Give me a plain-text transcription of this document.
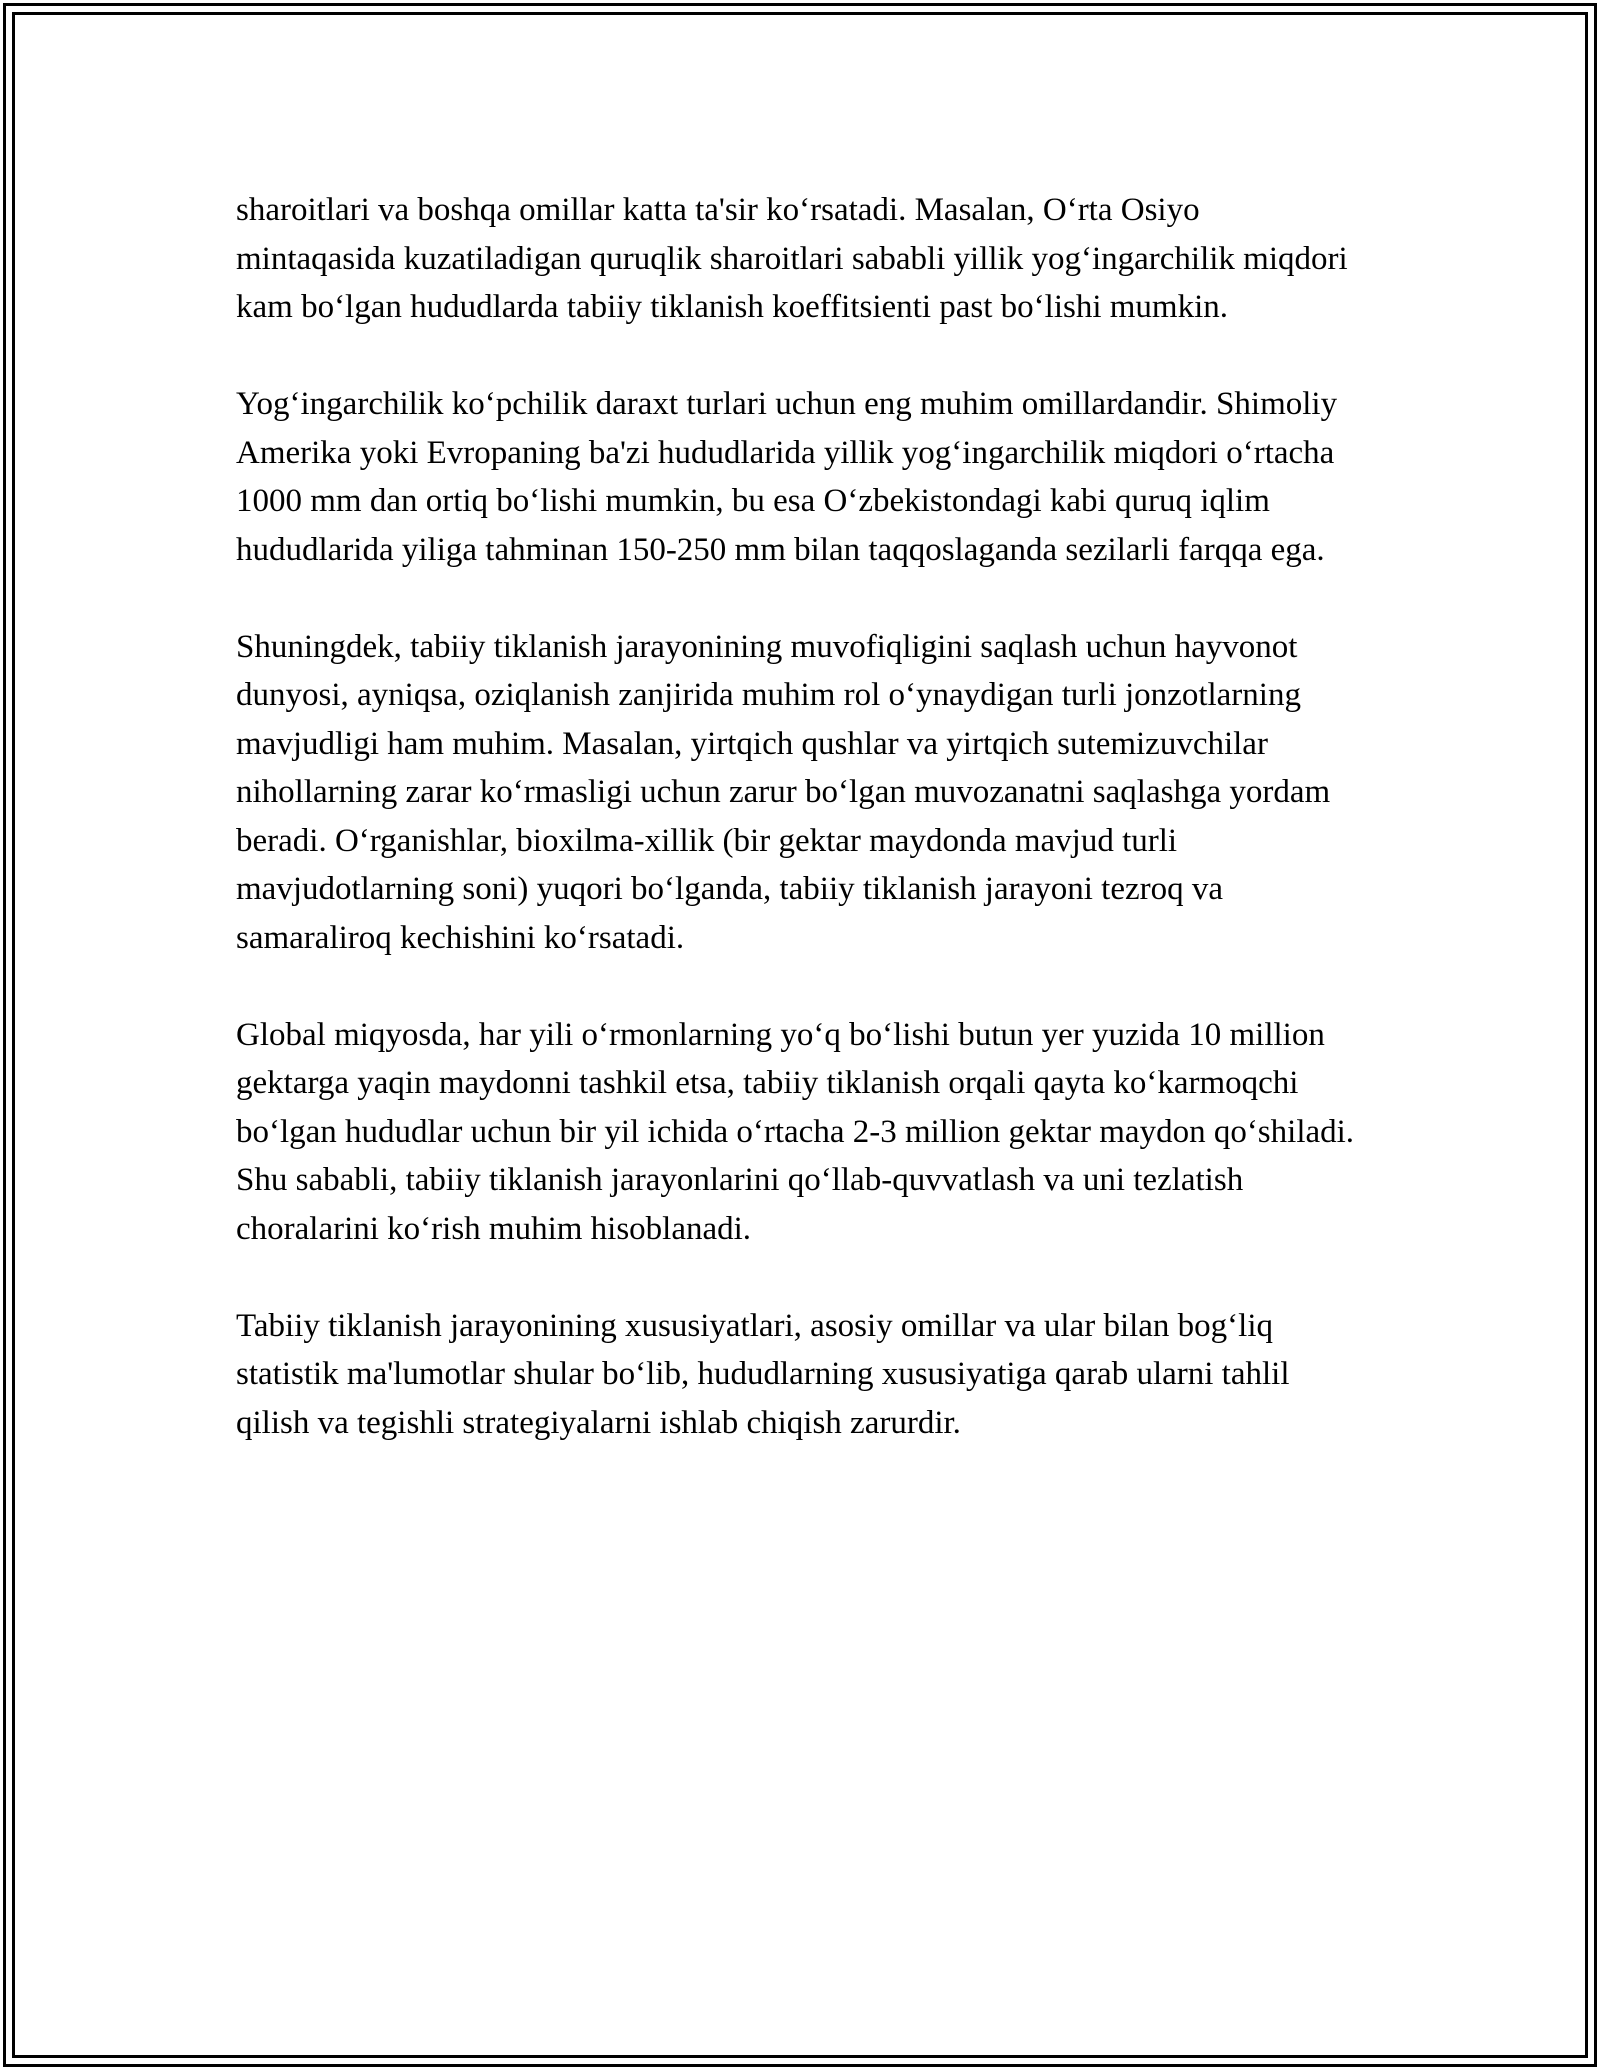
sharoitlari va boshqa omillar katta ta'sir ko‘rsatadi. Masalan, O‘rta Osiyo mintaqasida kuzatiladigan quruqlik sharoitlari sababli yillik yog‘ingarchilik miqdori kam bo‘lgan hududlarda tabiiy tiklanish koeffitsienti past bo‘lishi mumkin.

Yog‘ingarchilik ko‘pchilik daraxt turlari uchun eng muhim omillardandir. Shimoliy Amerika yoki Evropaning ba'zi hududlarida yillik yog‘ingarchilik miqdori o‘rtacha 1000 mm dan ortiq bo‘lishi mumkin, bu esa O‘zbekistondagi kabi quruq iqlim hududlarida yiliga tahminan 150-250 mm bilan taqqoslaganda sezilarli farqqa ega.

Shuningdek, tabiiy tiklanish jarayonining muvofiqligini saqlash uchun hayvonot dunyosi, ayniqsa, oziqlanish zanjirida muhim rol o‘ynaydigan turli jonzotlarning mavjudligi ham muhim. Masalan, yirtqich qushlar va yirtqich sutemizuvchilar nihollarning zarar ko‘rmasligi uchun zarur bo‘lgan muvozanatni saqlashga yordam beradi. O‘rganishlar, bioxilma-xillik (bir gektar maydonda mavjud turli mavjudotlarning soni) yuqori bo‘lganda, tabiiy tiklanish jarayoni tezroq va samaraliroq kechishini ko‘rsatadi.

Global miqyosda, har yili o‘rmonlarning yo‘q bo‘lishi butun yer yuzida 10 million gektarga yaqin maydonni tashkil etsa, tabiiy tiklanish orqali qayta ko‘karmoqchi bo‘lgan hududlar uchun bir yil ichida o‘rtacha 2-3 million gektar maydon qo‘shiladi. Shu sababli, tabiiy tiklanish jarayonlarini qo‘llab-quvvatlash va uni tezlatish choralarini ko‘rish muhim hisoblanadi.

Tabiiy tiklanish jarayonining xususiyatlari, asosiy omillar va ular bilan bog‘liq statistik ma'lumotlar shular bo‘lib, hududlarning xususiyatiga qarab ularni tahlil qilish va tegishli strategiyalarni ishlab chiqish zarurdir.
